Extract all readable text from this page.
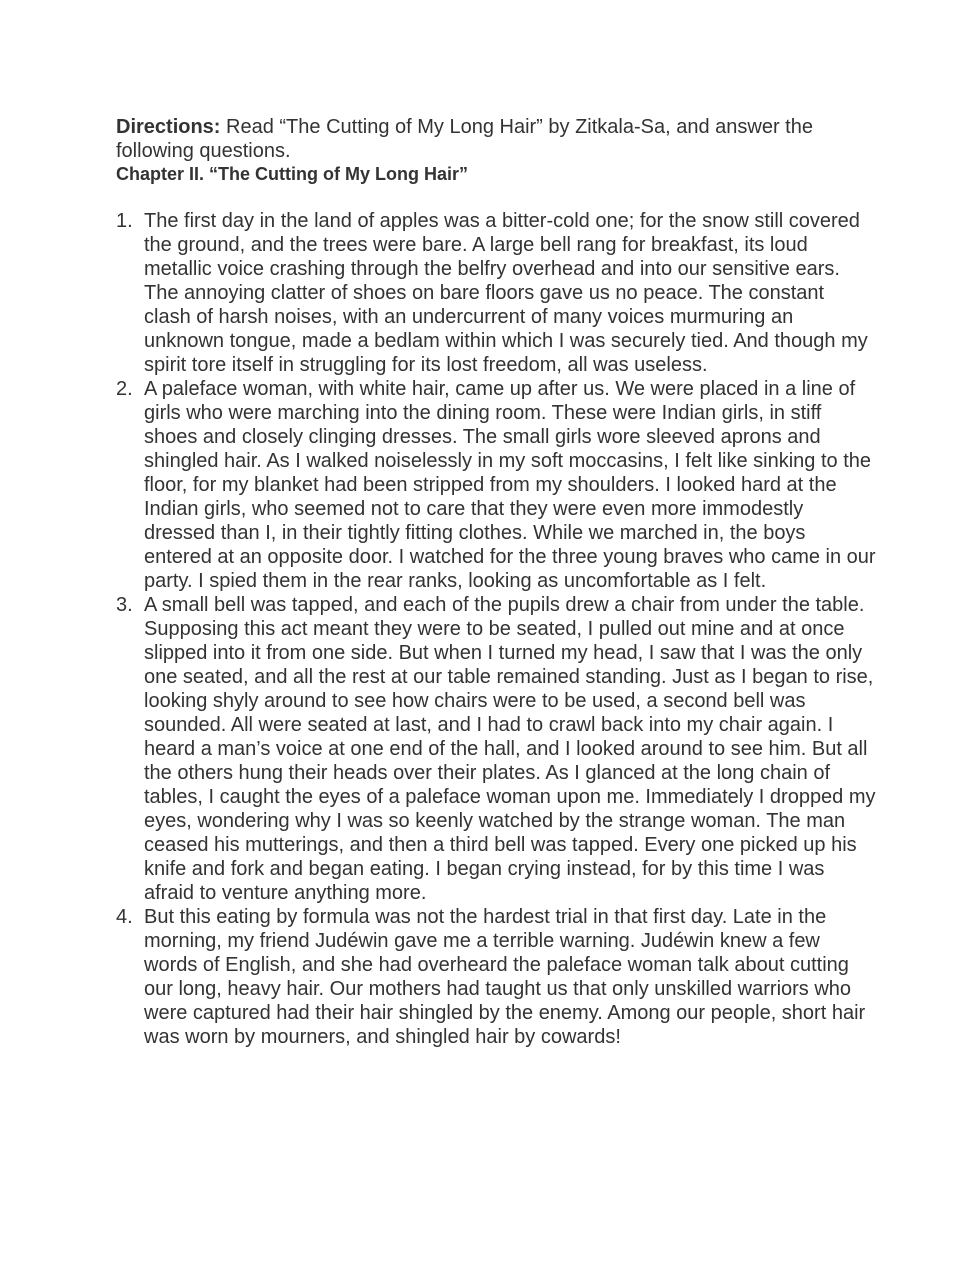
Directions: Read “The Cutting of My Long Hair” by Zitkala-Sa, and answer the following questions.

Chapter II. “The Cutting of My Long Hair”

1. The first day in the land of apples was a bitter-cold one; for the snow still covered the ground, and the trees were bare. A large bell rang for breakfast, its loud metallic voice crashing through the belfry overhead and into our sensitive ears. The annoying clatter of shoes on bare floors gave us no peace. The constant clash of harsh noises, with an undercurrent of many voices murmuring an unknown tongue, made a bedlam within which I was securely tied. And though my spirit tore itself in struggling for its lost freedom, all was useless.
2. A paleface woman, with white hair, came up after us. We were placed in a line of girls who were marching into the dining room. These were Indian girls, in stiff shoes and closely clinging dresses. The small girls wore sleeved aprons and shingled hair. As I walked noiselessly in my soft moccasins, I felt like sinking to the floor, for my blanket had been stripped from my shoulders. I looked hard at the Indian girls, who seemed not to care that they were even more immodestly dressed than I, in their tightly fitting clothes. While we marched in, the boys entered at an opposite door. I watched for the three young braves who came in our party. I spied them in the rear ranks, looking as uncomfortable as I felt.
3. A small bell was tapped, and each of the pupils drew a chair from under the table. Supposing this act meant they were to be seated, I pulled out mine and at once slipped into it from one side. But when I turned my head, I saw that I was the only one seated, and all the rest at our table remained standing. Just as I began to rise, looking shyly around to see how chairs were to be used, a second bell was sounded. All were seated at last, and I had to crawl back into my chair again. I heard a man’s voice at one end of the hall, and I looked around to see him. But all the others hung their heads over their plates. As I glanced at the long chain of tables, I caught the eyes of a paleface woman upon me. Immediately I dropped my eyes, wondering why I was so keenly watched by the strange woman. The man ceased his mutterings, and then a third bell was tapped. Every one picked up his knife and fork and began eating. I began crying instead, for by this time I was afraid to venture anything more.
4. But this eating by formula was not the hardest trial in that first day. Late in the morning, my friend Judéwin gave me a terrible warning. Judéwin knew a few words of English, and she had overheard the paleface woman talk about cutting our long, heavy hair. Our mothers had taught us that only unskilled warriors who were captured had their hair shingled by the enemy. Among our people, short hair was worn by mourners, and shingled hair by cowards!
